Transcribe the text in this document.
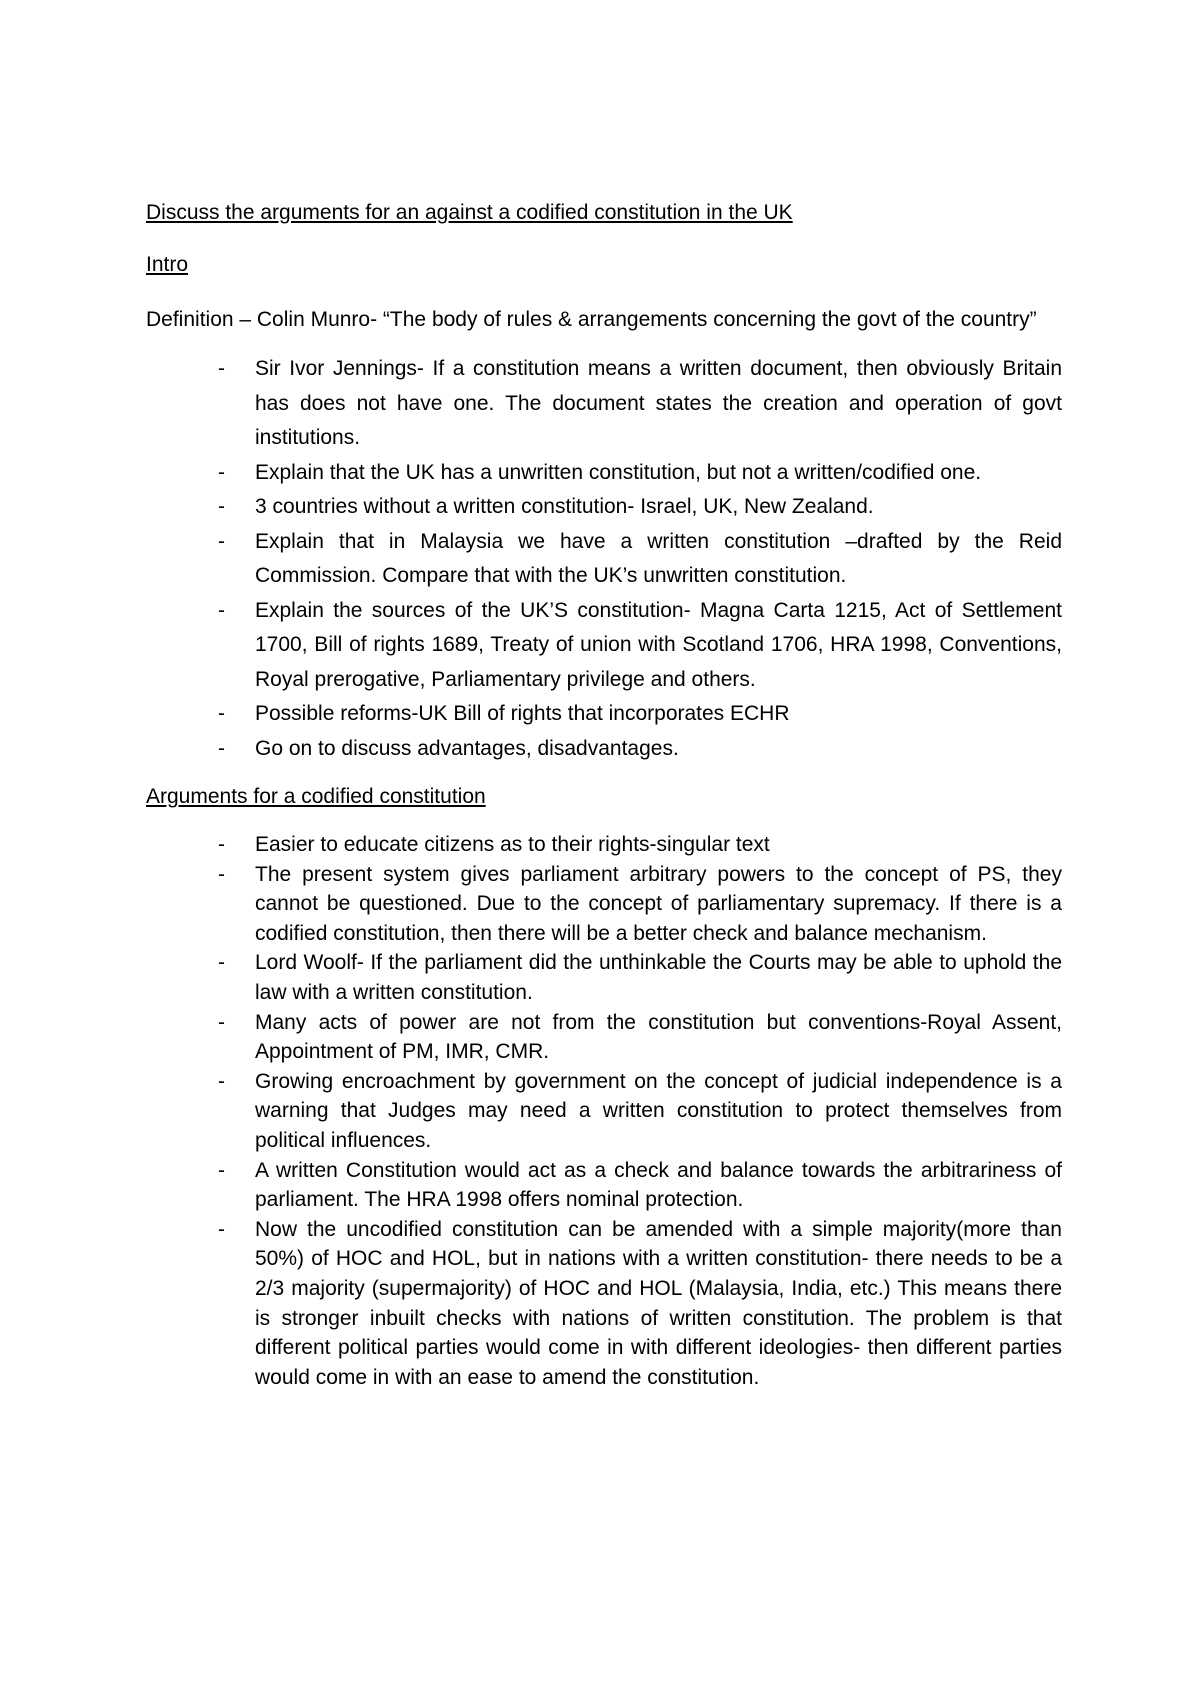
Discuss the arguments for an against a codified constitution in the UK

Intro

Definition – Colin Munro- “The body of rules & arrangements concerning the govt of the country”

- Sir Ivor Jennings- If a constitution means a written document, then obviously Britain has does not have one. The document states the creation and operation of govt institutions.
- Explain that the UK has a unwritten constitution, but not a written/codified one.
- 3 countries without a written constitution- Israel, UK, New Zealand.
- Explain that in Malaysia we have a written constitution –drafted by the Reid Commission. Compare that with the UK’s unwritten constitution.
- Explain the sources of the UK’S constitution- Magna Carta 1215, Act of Settlement 1700, Bill of rights 1689, Treaty of union with Scotland 1706, HRA 1998, Conventions, Royal prerogative, Parliamentary privilege and others.
- Possible reforms-UK Bill of rights that incorporates ECHR
- Go on to discuss advantages, disadvantages.

Arguments for a codified constitution

- Easier to educate citizens as to their rights-singular text
- The present system gives parliament arbitrary powers to the concept of PS, they cannot be questioned. Due to the concept of parliamentary supremacy. If there is a codified constitution, then there will be a better check and balance mechanism.
- Lord Woolf- If the parliament did the unthinkable the Courts may be able to uphold the law with a written constitution.
- Many acts of power are not from the constitution but conventions-Royal Assent, Appointment of PM, IMR, CMR.
- Growing encroachment by government on the concept of judicial independence is a warning that Judges may need a written constitution to protect themselves from political influences.
- A written Constitution would act as a check and balance towards the arbitrariness of parliament. The HRA 1998 offers nominal protection.
- Now the uncodified constitution can be amended with a simple majority(more than 50%) of HOC and HOL, but in nations with a written constitution- there needs to be a 2/3 majority (supermajority) of HOC and HOL (Malaysia, India, etc.) This means there is stronger inbuilt checks with nations of written constitution. The problem is that different political parties would come in with different ideologies- then different parties would come in with an ease to amend the constitution.
